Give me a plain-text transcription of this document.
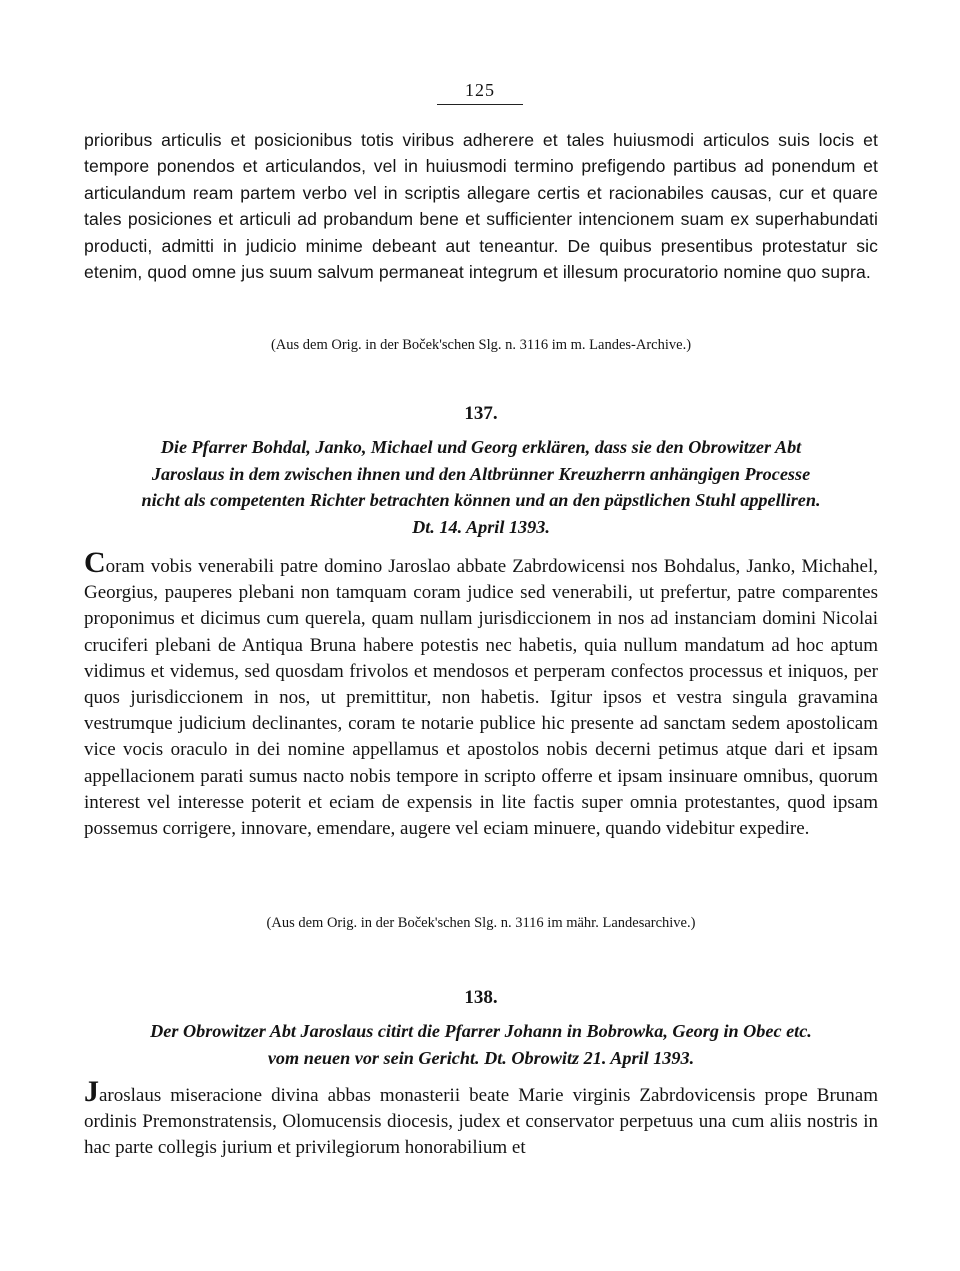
125

prioribus articulis et posicionibus totis viribus adherere et tales huiusmodi articulos suis locis et tempore ponendos et articulandos, vel in huiusmodi termino prefigendo partibus ad ponendum et articulandum ream partem verbo vel in scriptis allegare certis et racionabiles causas, cur et quare tales posiciones et articuli ad probandum bene et sufficienter intencionem suam ex superhabundati producti, admitti in judicio minime debeant aut teneantur. De quibus presentibus protestatur sic etenim, quod omne jus suum salvum permaneat integrum et illesum procuratorio nomine quo supra.

(Aus dem Orig. in der Boček'schen Slg. n. 3116 im m. Landes-Archive.)

137.

Die Pfarrer Bohdal, Janko, Michael und Georg erklären, dass sie den Obrowitzer Abt
Jaroslaus in dem zwischen ihnen und den Altbrünner Kreuzherrn anhängigen Processe
nicht als competenten Richter betrachten können und an den päpstlichen Stuhl appelliren.
Dt. 14. April 1393.

Coram vobis venerabili patre domino Jaroslao abbate Zabrdowicensi nos Bohdalus, Janko, Michahel, Georgius, pauperes plebani non tamquam coram judice sed venerabili, ut prefertur, patre comparentes proponimus et dicimus cum querela, quam nullam jurisdiccionem in nos ad instanciam domini Nicolai cruciferi plebani de Antiqua Bruna habere potestis nec habetis, quia nullum mandatum ad hoc aptum vidimus et videmus, sed quosdam frivolos et mendosos et perperam confectos processus et iniquos, per quos jurisdiccionem in nos, ut premittitur, non habetis. Igitur ipsos et vestra singula gravamina vestrumque judicium declinantes, coram te notarie publice hic presente ad sanctam sedem apostolicam vice vocis oraculo in dei nomine appellamus et apostolos nobis decerni petimus atque dari et ipsam appellacionem parati sumus nacto nobis tempore in scripto offerre et ipsam insinuare omnibus, quorum interest vel interesse poterit et eciam de expensis in lite factis super omnia protestantes, quod ipsam possemus corrigere, innovare, emendare, augere vel eciam minuere, quando videbitur expedire.

(Aus dem Orig. in der Boček'schen Slg. n. 3116 im mähr. Landesarchive.)

138.

Der Obrowitzer Abt Jaroslaus citirt die Pfarrer Johann in Bobrowka, Georg in Obec etc.
vom neuen vor sein Gericht. Dt. Obrowitz 21. April 1393.

Jaroslaus miseracione divina abbas monasterii beate Marie virginis Zabrdovicensis prope Brunam ordinis Premonstratensis, Olomucensis diocesis, judex et conservator perpetuus una cum aliis nostris in hac parte collegis jurium et privilegiorum honorabilium et
